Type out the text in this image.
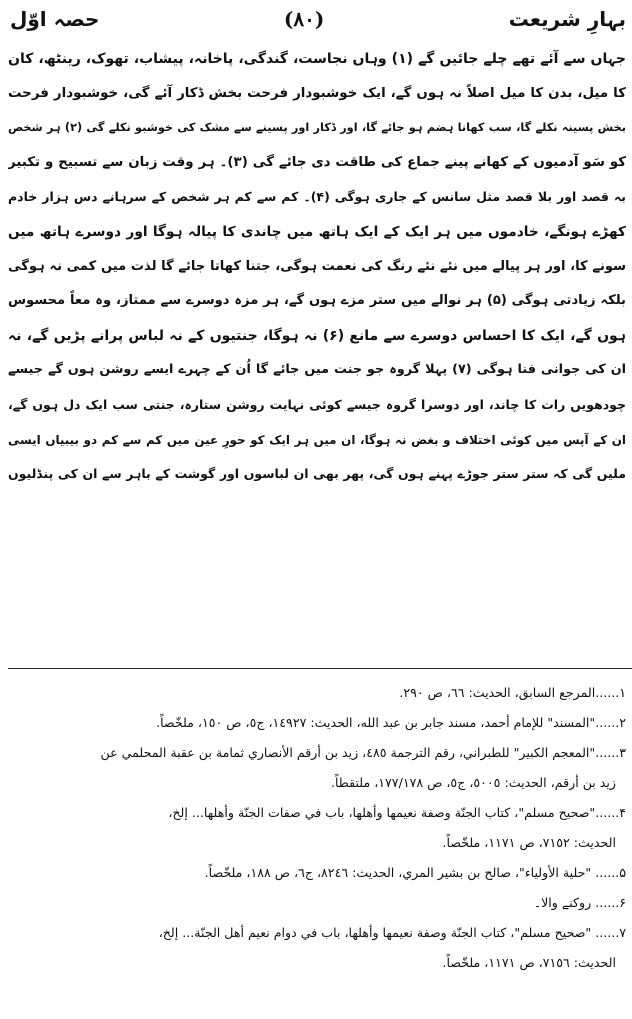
بہارِ شریعت
(۸۰)
حصہ اوّل
جہاں سے آئے تھے چلے جائیں گے (۱) وہاں نجاست، گندگی، پاخانہ، پیشاب، تھوک، رینٹھ، کان
کا میل، بدن کا میل اصلاً نہ ہوں گے، ایک خوشبودار فرحت بخش ڈکار آئے گی، خوشبودار فرحت
بخش پسینہ نکلے گا، سب کھانا ہضم ہو جائے گا، اور ڈکار اور پسینے سے مشک کی خوشبو نکلے گی (۲) ہر شخص
کو سَو آدمیوں کے کھانے پینے جماع کی طاقت دی جائے گی (۳)۔ ہر وقت زبان سے تسبیح و تکبیر
بہ قصد اور بلا قصد مثل سانس کے جاری ہوگی (۴)۔ کم سے کم ہر شخص کے سرہانے دس ہزار خادم
کھڑے ہونگے، خادموں میں ہر ایک کے ایک ہاتھ میں چاندی کا پیالہ ہوگا اور دوسرے ہاتھ میں
سونے کا، اور ہر پیالے میں نئے نئے رنگ کی نعمت ہوگی، جتنا کھاتا جائے گا لذت میں کمی نہ ہوگی
بلکہ زیادتی ہوگی (۵) ہر نوالے میں ستر مزے ہوں گے، ہر مزہ دوسرے سے ممتاز، وہ معاً محسوس
ہوں گے، ایک کا احساس دوسرے سے مانع (۶) نہ ہوگا، جنتیوں کے نہ لباس پرانے پڑیں گے، نہ
ان کی جوانی فنا ہوگی (۷) پہلا گروہ جو جنت میں جائے گا اُن کے چہرے ایسے روشن ہوں گے جیسے
چودھویں رات کا چاند، اور دوسرا گروہ جیسے کوئی نہایت روشن ستارہ، جنتی سب ایک دل ہوں گے،
ان کے آپس میں کوئی اختلاف و بغض نہ ہوگا، ان میں ہر ایک کو حورِ عین میں کم سے کم دو بیبیاں ایسی
ملیں گی کہ ستر ستر جوڑے پہنے ہوں گی، پھر بھی ان لباسوں اور گوشت کے باہر سے ان کی پنڈلیوں
۱......المرجع السابق، الحديث: ٦٦، ص ٢٩٠.
۲......"المسند" للإمام أحمد، مسند جابر بن عبد الله، الحديث: ١٤٩٢٧، ج٥، ص ١٥٠، ملخّصاً.
۳......"المعجم الكبير" للطبراني، رقم الترجمة ٤٨٥، زيد بن أرقم الأنصاري ثمامة بن عقبة المحلمي عن
زيد بن أرقم، الحديث: ٥٠٠٥، ج٥، ص ١٧٧/١٧٨، ملتقطاً.
۴......"صحيح مسلم"، كتاب الجنّة وصفة نعيمها وأهلها، باب في صفات الجنّة وأهلها... إلخ،
الحديث: ٧١٥٢، ص ١١٧١، ملخّصاً.
۵...... "حلية الأولياء"، صالح بن بشير المري، الحديث: ٨٢٤٦، ج٦، ص ١٨٨، ملخّصاً.
۶...... روکنے والا۔
۷...... "صحيح مسلم"، كتاب الجنّة وصفة نعيمها وأهلها، باب في دوام نعيم أهل الجنّة... إلخ،
الحديث: ٧١٥٦، ص ١١٧١، ملخّصاً.
